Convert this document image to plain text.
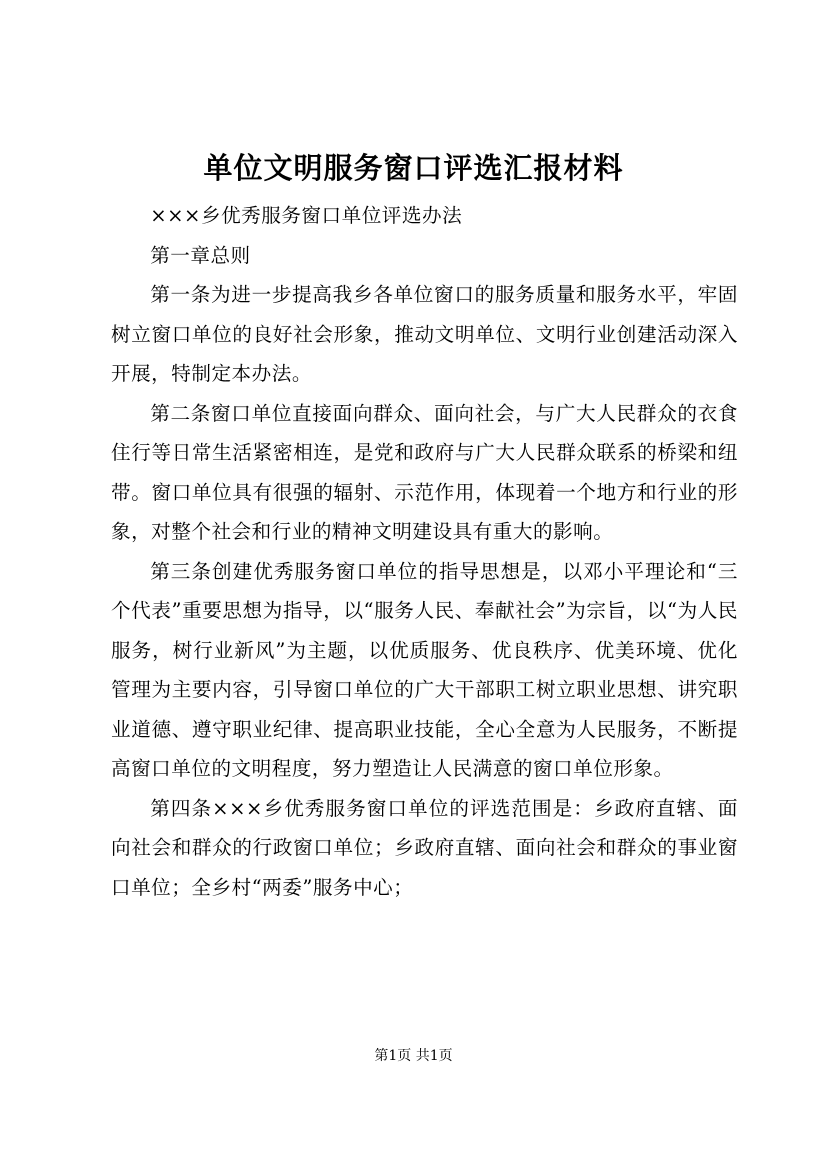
单位文明服务窗口评选汇报材料

×××乡优秀服务窗口单位评选办法

第一章总则

第一条为进一步提高我乡各单位窗口的服务质量和服务水平，牢固树立窗口单位的良好社会形象，推动文明单位、文明行业创建活动深入开展，特制定本办法。

第二条窗口单位直接面向群众、面向社会，与广大人民群众的衣食住行等日常生活紧密相连，是党和政府与广大人民群众联系的桥梁和纽带。窗口单位具有很强的辐射、示范作用，体现着一个地方和行业的形象，对整个社会和行业的精神文明建设具有重大的影响。

第三条创建优秀服务窗口单位的指导思想是，以邓小平理论和“三个代表”重要思想为指导，以“服务人民、奉献社会”为宗旨，以“为人民服务，树行业新风”为主题，以优质服务、优良秩序、优美环境、优化管理为主要内容，引导窗口单位的广大干部职工树立职业思想、讲究职业道德、遵守职业纪律、提高职业技能，全心全意为人民服务，不断提高窗口单位的文明程度，努力塑造让人民满意的窗口单位形象。

第四条×××乡优秀服务窗口单位的评选范围是：乡政府直辖、面向社会和群众的行政窗口单位；乡政府直辖、面向社会和群众的事业窗口单位；全乡村“两委”服务中心；

第1页 共1页
